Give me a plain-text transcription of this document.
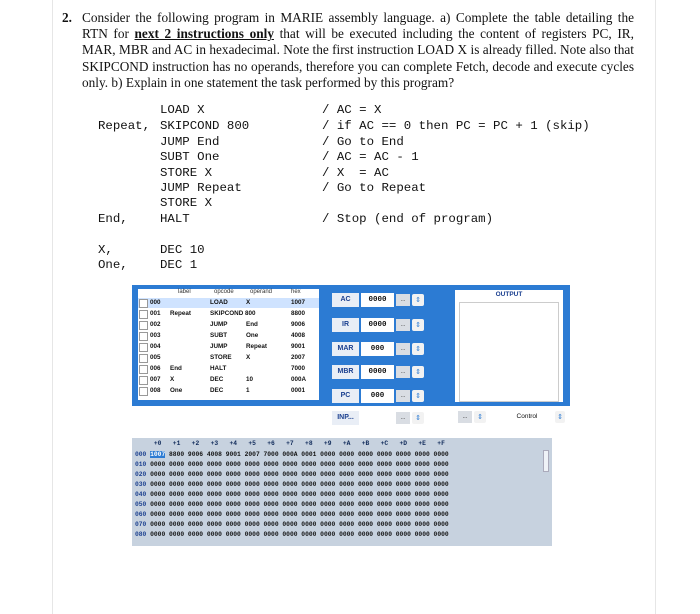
2. Consider the following program in MARIE assembly language. a) Complete the table detailing the RTN for next 2 instructions only that will be executed including the content of registers PC, IR, MAR, MBR and AC in hexadecimal. Note the first instruction LOAD X is already filled. Note also that SKIPCOND instruction has no operands, therefore you can complete Fetch, decode and execute cycles only. b) Explain in one statement the task performed by this program?
LOAD X	/ AC = X
Repeat, SKIPCOND 800	/ if AC == 0 then PC = PC + 1 (skip)
JUMP End	/ Go to End
SUBT One	/ AC = AC - 1
STORE X	/ X  = AC
JUMP Repeat	/ Go to Repeat
STORE X
End,	HALT	/ Stop (end of program)
X,	DEC 10
One,	DEC 1
label	opcode	operand	hex
000	LOAD	X	1007
001 Repeat	SKIPCOND 800	8800
002	JUMP	End	9006
003	SUBT	One	4008
004	JUMP	Repeat	9001
005	STORE X	2007
006 End	HALT	7000
007 X	DEC	10	000A
008 One	DEC	1	0001
AC	0000	...	⇕
IR	0000	...	⇕
MAR	000	...	⇕
MBR	0000	...	⇕
PC	000	...	⇕
INP...	...	⇕
OUTPUT
...	⇕	Control	⇕
+0   +1   +2   +3   +4   +5   +6   +7   +8   +9   +A   +B   +C   +D   +E   +F
000 1007 8800 9006 4008 9001 2007 7000 000A 0001 0000 0000 0000 0000 0000 0000 0000
010 0000 0000 0000 0000 0000 0000 0000 0000 0000 0000 0000 0000 0000 0000 0000 0000
020 0000 0000 0000 0000 0000 0000 0000 0000 0000 0000 0000 0000 0000 0000 0000 0000
030 0000 0000 0000 0000 0000 0000 0000 0000 0000 0000 0000 0000 0000 0000 0000 0000
040 0000 0000 0000 0000 0000 0000 0000 0000 0000 0000 0000 0000 0000 0000 0000 0000
050 0000 0000 0000 0000 0000 0000 0000 0000 0000 0000 0000 0000 0000 0000 0000 0000
060 0000 0000 0000 0000 0000 0000 0000 0000 0000 0000 0000 0000 0000 0000 0000 0000
070 0000 0000 0000 0000 0000 0000 0000 0000 0000 0000 0000 0000 0000 0000 0000 0000
080 0000 0000 0000 0000 0000 0000 0000 0000 0000 0000 0000 0000 0000 0000 0000 0000
